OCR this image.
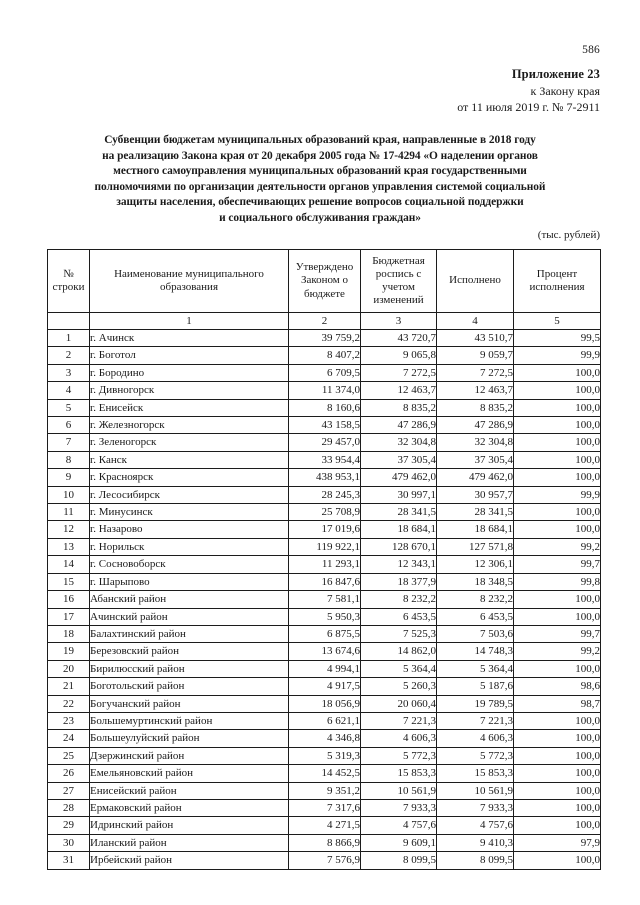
586
Приложение 23
к Закону края
от 11 июля 2019 г. № 7-2911
Субвенции бюджетам муниципальных образований края, направленные в 2018 году
на реализацию Закона края от 20 декабря 2005 года № 17-4294 «О наделении органов
местного самоуправления муниципальных образований края государственными
полномочиями по организации деятельности органов управления системой социальной
защиты населения, обеспечивающих решение вопросов социальной поддержки
и социального обслуживания граждан»
(тыс. рублей)
№
строки	Наименование муниципального
образования	Утверждено
Законом о
бюджете	Бюджетная
роспись с
учетом
изменений	Исполнено	Процент
исполнения

	1	2	3	4	5
1	г. Ачинск	39 759,2	43 720,7	43 510,7	99,5
2	г. Боготол	8 407,2	9 065,8	9 059,7	99,9
3	г. Бородино	6 709,5	7 272,5	7 272,5	100,0
4	г. Дивногорск	11 374,0	12 463,7	12 463,7	100,0
5	г. Енисейск	8 160,6	8 835,2	8 835,2	100,0
6	г. Железногорск	43 158,5	47 286,9	47 286,9	100,0
7	г. Зеленогорск	29 457,0	32 304,8	32 304,8	100,0
8	г. Канск	33 954,4	37 305,4	37 305,4	100,0
9	г. Красноярск	438 953,1	479 462,0	479 462,0	100,0
10	г. Лесосибирск	28 245,3	30 997,1	30 957,7	99,9
11	г. Минусинск	25 708,9	28 341,5	28 341,5	100,0
12	г. Назарово	17 019,6	18 684,1	18 684,1	100,0
13	г. Норильск	119 922,1	128 670,1	127 571,8	99,2
14	г. Сосновоборск	11 293,1	12 343,1	12 306,1	99,7
15	г. Шарыпово	16 847,6	18 377,9	18 348,5	99,8
16	Абанский район	7 581,1	8 232,2	8 232,2	100,0
17	Ачинский район	5 950,3	6 453,5	6 453,5	100,0
18	Балахтинский район	6 875,5	7 525,3	7 503,6	99,7
19	Березовский район	13 674,6	14 862,0	14 748,3	99,2
20	Бирилюсский район	4 994,1	5 364,4	5 364,4	100,0
21	Боготольский район	4 917,5	5 260,3	5 187,6	98,6
22	Богучанский район	18 056,9	20 060,4	19 789,5	98,7
23	Большемуртинский район	6 621,1	7 221,3	7 221,3	100,0
24	Большеулуйский район	4 346,8	4 606,3	4 606,3	100,0
25	Дзержинский район	5 319,3	5 772,3	5 772,3	100,0
26	Емельяновский район	14 452,5	15 853,3	15 853,3	100,0
27	Енисейский район	9 351,2	10 561,9	10 561,9	100,0
28	Ермаковский район	7 317,6	7 933,3	7 933,3	100,0
29	Идринский район	4 271,5	4 757,6	4 757,6	100,0
30	Иланский район	8 866,9	9 609,1	9 410,3	97,9
31	Ирбейский район	7 576,9	8 099,5	8 099,5	100,0
